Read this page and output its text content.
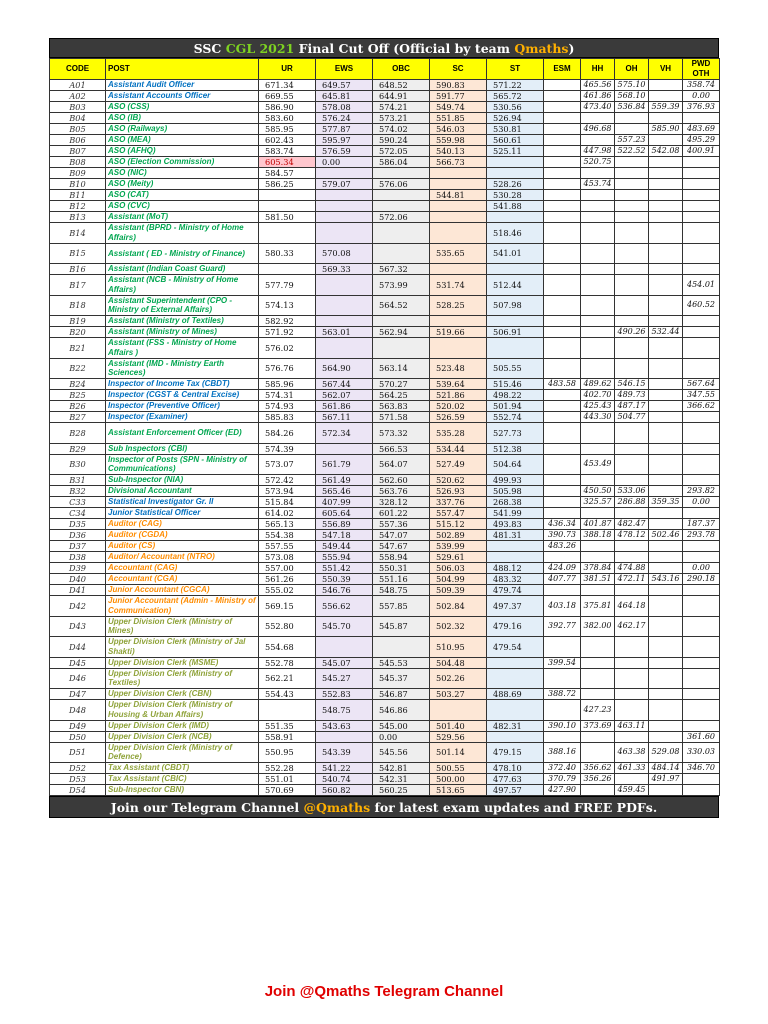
SSC CGL 2021 Final Cut Off (Official by team Qmaths)
CODE	POST	UR	EWS	OBC	SC	ST	ESM	HH	OH	VH	PWD OTH
A01	Assistant Audit Officer	671.34	649.57	648.52	590.83	571.22		465.56	575.10		358.74
A02	Assistant Accounts Officer	669.55	645.81	644.91	591.77	565.72		461.86	568.10		0.00
B03	ASO (CSS)	586.90	578.08	574.21	549.74	530.56		473.40	536.84	559.39	376.93
B04	ASO (IB)	583.60	576.24	573.21	551.85	526.94					
B05	ASO (Railways)	585.95	577.87	574.02	546.03	530.81		496.68		585.90	483.69
B06	ASO (MEA)	602.43	595.97	590.24	559.98	560.61			557.23		495.29
B07	ASO (AFHQ)	583.74	576.59	572.05	540.13	525.11		447.98	522.52	542.08	400.91
B08	ASO (Election Commission)	605.34	0.00	586.04	566.73			520.75			
B09	ASO (NIC)	584.57									
B10	ASO (Meity)	586.25	579.07	576.06		528.26		453.74			
B11	ASO (CAT)				544.81	530.28					
B12	ASO (CVC)					541.88					
B13	Assistant (MoT)	581.50		572.06							
B14	Assistant (BPRD - Ministry of Home Affairs)					518.46					
B15	Assistant ( ED - Ministry of Finance)	580.33	570.08		535.65	541.01					
B16	Assistant (Indian Coast Guard)		569.33	567.32							
B17	Assistant (NCB - Ministry of Home Affairs)	577.79		573.99	531.74	512.44					454.01
B18	Assistant Superintendent (CPO - Ministry of External Affairs)	574.13		564.52	528.25	507.98					460.52
B19	Assistant (Ministry of Textiles)	582.92									
B20	Assistant (Ministry of Mines)	571.92	563.01	562.94	519.66	506.91			490.26	532.44	
B21	Assistant (FSS - Ministry of Home Affairs )	576.02									
B22	Assistant (IMD - Ministry Earth Sciences)	576.76	564.90	563.14	523.48	505.55					
B24	Inspector of Income Tax (CBDT)	585.96	567.44	570.27	539.64	515.46	483.58	489.62	546.15		567.64
B25	Inspector (CGST & Central Excise)	574.31	562.07	564.25	521.86	498.22		402.70	489.73		347.55
B26	Inspector (Preventive Officer)	574.93	561.86	563.83	520.02	501.94		425.43	487.17		366.62
B27	Inspector (Examiner)	585.83	567.11	571.58	526.59	552.74		443.30	504.77		
B28	Assistant Enforcement Officer (ED)	584.26	572.34	573.32	535.28	527.73					
B29	Sub Inspectors (CBI)	574.39		566.53	534.44	512.38					
B30	Inspector of Posts (SPN - Ministry of Communications)	573.07	561.79	564.07	527.49	504.64		453.49			
B31	Sub-Inspector (NIA)	572.42	561.49	562.60	520.62	499.93					
B32	Divisional Accountant	573.94	565.46	563.76	526.93	505.98		450.50	533.06		293.82
C33	Statistical Investigator Gr. II	515.84	407.99	328.12	337.76	268.38		325.57	286.88	359.35	0.00
C34	Junior Statistical Officer	614.02	605.64	601.22	557.47	541.99					
D35	Auditor (CAG)	565.13	556.89	557.36	515.12	493.83	436.34	401.87	482.47		187.37
D36	Auditor (CGDA)	554.38	547.18	547.07	502.89	481.31	390.73	388.18	478.12	502.46	293.78
D37	Auditor (CS)	557.55	549.44	547.67	539.99		483.26				
D38	Auditor/ Accountant (NTRO)	573.08	555.94	558.94	529.61						
D39	Accountant (CAG)	557.00	551.42	550.31	506.03	488.12	424.09	378.84	474.88		0.00
D40	Accountant (CGA)	561.26	550.39	551.16	504.99	483.32	407.77	381.51	472.11	543.16	290.18
D41	Junior Accountant (CGCA)	555.02	546.76	548.75	509.39	479.74					
D42	Junior Accountant (Admin - Ministry of Communication)	569.15	556.62	557.85	502.84	497.37	403.18	375.81	464.18		
D43	Upper Division Clerk (Ministry of Mines)	552.80	545.70	545.87	502.32	479.16	392.77	382.00	462.17		
D44	Upper Division Clerk (Ministry of Jal Shakti)	554.68			510.95	479.54					
D45	Upper Division Clerk (MSME)	552.78	545.07	545.53	504.48		399.54				
D46	Upper Division Clerk (Ministry of Textiles)	562.21	545.27	545.37	502.26						
D47	Upper Division Clerk (CBN)	554.43	552.83	546.87	503.27	488.69	388.72				
D48	Upper Division Clerk (Ministry of Housing & Urban Affairs)		548.75	546.86				427.23			
D49	Upper Division Clerk (IMD)	551.35	543.63	545.00	501.40	482.31	390.10	373.69	463.11		
D50	Upper Division Clerk (NCB)	558.91		0.00	529.56						361.60
D51	Upper Division Clerk (Ministry of Defence)	550.95	543.39	545.56	501.14	479.15	388.16		463.38	529.08	330.03
D52	Tax Assistant (CBDT)	552.28	541.22	542.81	500.55	478.10	372.40	356.62	461.33	484.14	346.70
D53	Tax Assistant (CBIC)	551.01	540.74	542.31	500.00	477.63	370.79	356.26		491.97	
D54	Sub-Inspector CBN)	570.69	560.82	560.25	513.65	497.57	427.90		459.45		
Join our Telegram Channel @Qmaths for latest exam updates and FREE PDFs.
Join @Qmaths Telegram Channel
